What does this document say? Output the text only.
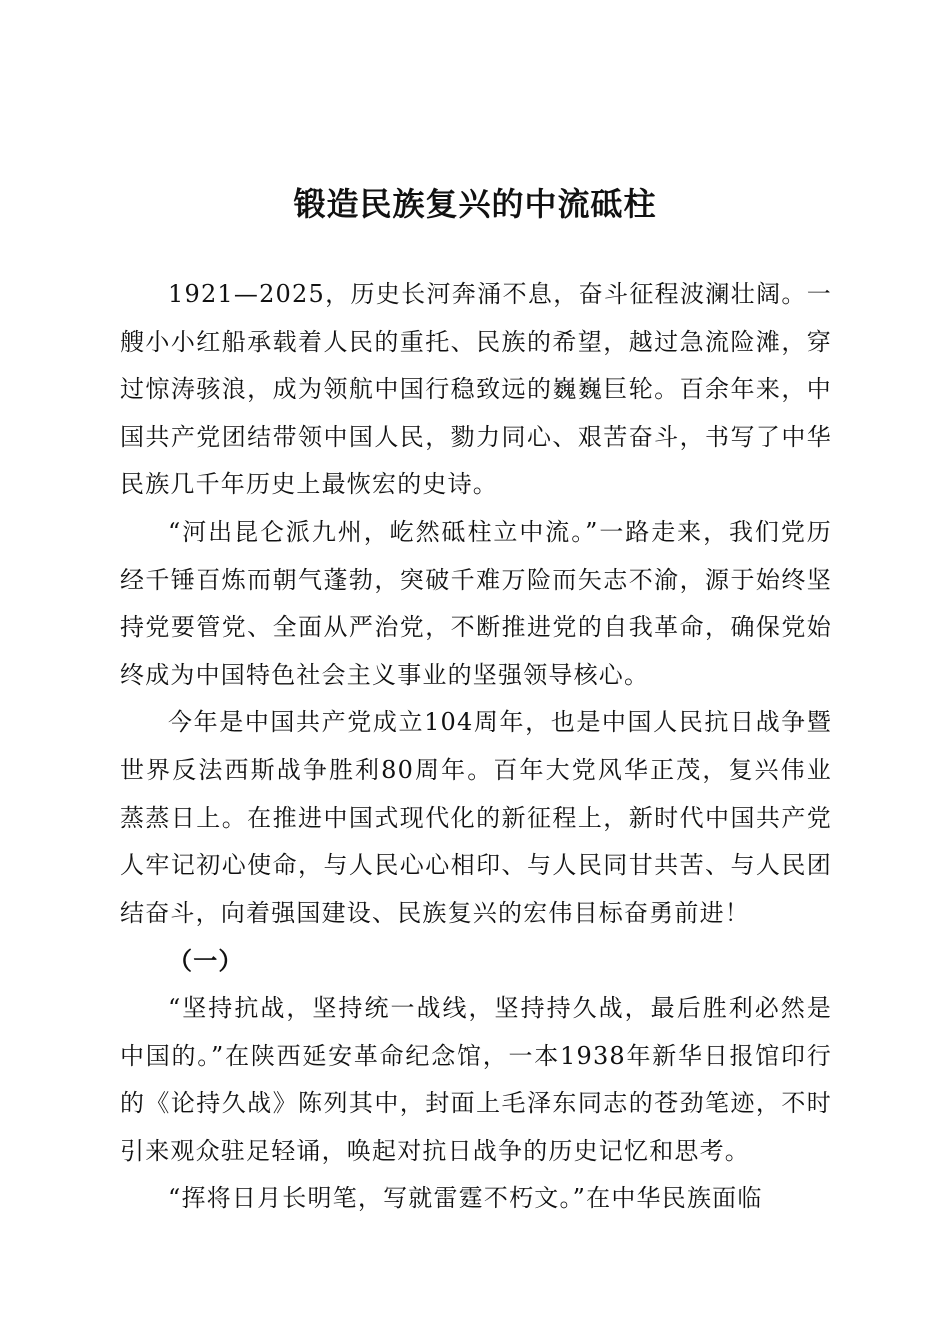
锻造民族复兴的中流砥柱

1921—2025，历史长河奔涌不息，奋斗征程波澜壮阔。一艘小小红船承载着人民的重托、民族的希望，越过急流险滩，穿过惊涛骇浪，成为领航中国行稳致远的巍巍巨轮。百余年来，中国共产党团结带领中国人民，勠力同心、艰苦奋斗，书写了中华民族几千年历史上最恢宏的史诗。

“河出昆仑派九州，屹然砥柱立中流。”一路走来，我们党历经千锤百炼而朝气蓬勃，突破千难万险而矢志不渝，源于始终坚持党要管党、全面从严治党，不断推进党的自我革命，确保党始终成为中国特色社会主义事业的坚强领导核心。

今年是中国共产党成立104周年，也是中国人民抗日战争暨世界反法西斯战争胜利80周年。百年大党风华正茂，复兴伟业蒸蒸日上。在推进中国式现代化的新征程上，新时代中国共产党人牢记初心使命，与人民心心相印、与人民同甘共苦、与人民团结奋斗，向着强国建设、民族复兴的宏伟目标奋勇前进！

（一）

“坚持抗战，坚持统一战线，坚持持久战，最后胜利必然是中国的。”在陕西延安革命纪念馆，一本1938年新华日报馆印行的《论持久战》陈列其中，封面上毛泽东同志的苍劲笔迹，不时引来观众驻足轻诵，唤起对抗日战争的历史记忆和思考。

“挥将日月长明笔，写就雷霆不朽文。”在中华民族面临
